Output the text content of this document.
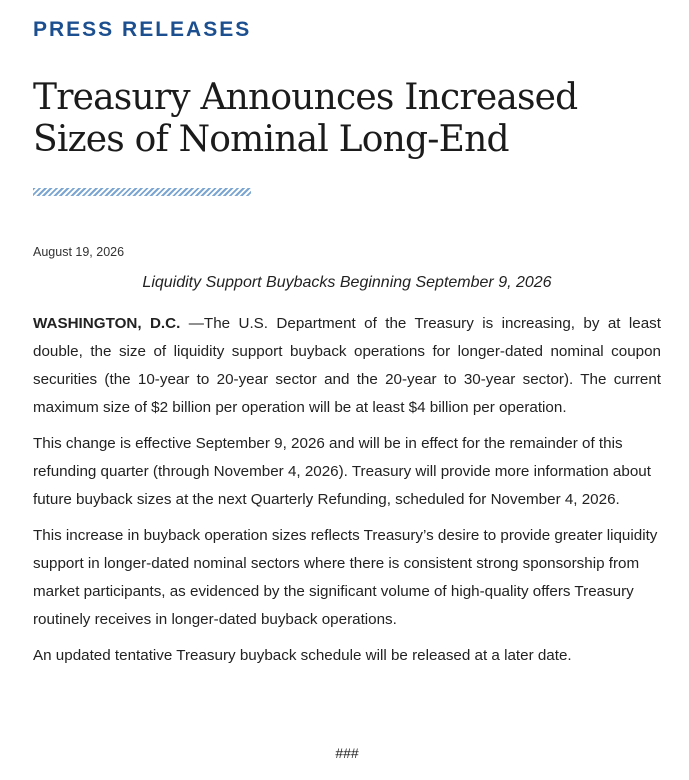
PRESS RELEASES
Treasury Announces Increased Sizes of Nominal Long-End
August 19, 2026
Liquidity Support Buybacks Beginning September 9, 2026

WASHINGTON, D.C. —The U.S. Department of the Treasury is increasing, by at least double, the size of liquidity support buyback operations for longer-dated nominal coupon securities (the 10-year to 20-year sector and the 20-year to 30-year sector). The current maximum size of $2 billion per operation will be at least $4 billion per operation.

This change is effective September 9, 2026 and will be in effect for the remainder of this refunding quarter (through November 4, 2026). Treasury will provide more information about future buyback sizes at the next Quarterly Refunding, scheduled for November 4, 2026.

This increase in buyback operation sizes reflects Treasury’s desire to provide greater liquidity support in longer-dated nominal sectors where there is consistent strong sponsorship from market participants, as evidenced by the significant volume of high-quality offers Treasury routinely receives in longer-dated buyback operations.

An updated tentative Treasury buyback schedule will be released at a later date.

###
